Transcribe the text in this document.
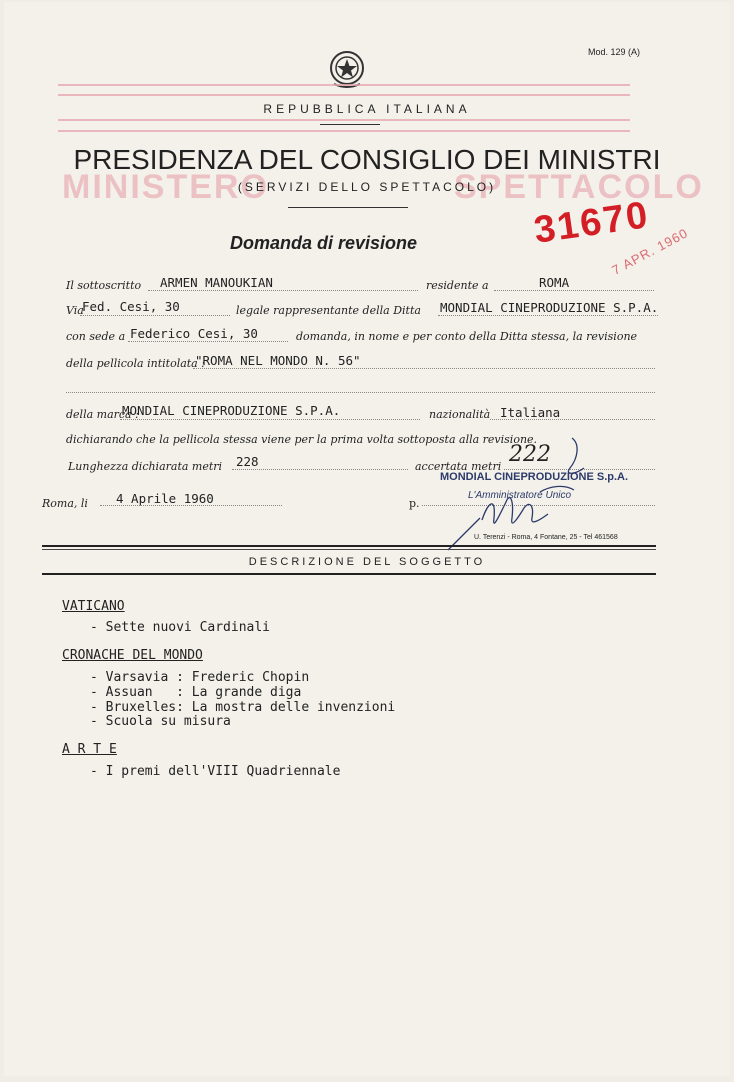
Mod. 129 (A)
REPUBBLICA ITALIANA
MINISTERO	SPETTACOLO
PRESIDENZA DEL CONSIGLIO DEI MINISTRI
(SERVIZI DELLO SPETTACOLO)
Domanda di revisione	31670
7 APR. 1960
Il sottoscritto ARMEN MANOUKIAN	residente a	ROMA
Via
Fed. Cesi, 30	legale rappresentante della Ditta MONDIAL CINEPRODUZIONE S.P.A.
con sede a Federico Cesi, 30	domanda, in nome e per conto della Ditta stessa, la revisione
della pellicola intitolata :
"ROMA NEL MONDO N. 56"
della marca :
MONDIAL CINEPRODUZIONE S.P.A.	nazionalità Italiana
dichiarando che la pellicola stessa viene per la prima volta sottoposta alla revisione.
Lunghezza dichiarata metri 228	accertata metri 222
MONDIAL CINEPRODUZIONE S.p.A.
L'Amministratore Unico
Roma, li 4 Aprile 1960	p.
U. Terenzi - Roma, 4 Fontane, 25 - Tel 461568
DESCRIZIONE DEL SOGGETTO
VATICANO
- Sette nuovi Cardinali
CRONACHE DEL MONDO
- Varsavia : Frederic Chopin
- Assuan   : La grande diga
- Bruxelles: La mostra delle invenzioni
- Scuola su misura
A R T E
- I premi dell'VIII Quadriennale
